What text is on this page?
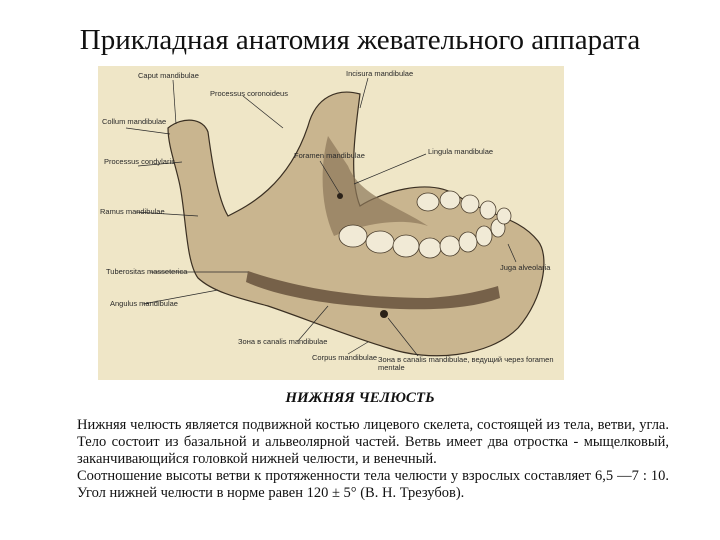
Прикладная анатомия жевательного аппарата
Caput mandibulae
Processus coronoideus
Incisura mandibulae
Collum mandibulae
Processus condylaris
Foramen mandibulae	Lingula mandibulae
Ramus mandibulae
Juga alveolaria
Tuberositas masseterica
Angulus mandibulae
Зона в canalis mandibulae
Corpus mandibulae Зона в canalis mandibulae, ведущий через foramen mentale
НИЖНЯЯ ЧЕЛЮСТЬ

Нижняя челюсть является подвижной костью лицевого скелета, состоящей из тела, ветви, угла. Тело состоит из базальной и альвеолярной частей. Ветвь имеет два отростка - мыщелковый, заканчивающийся головкой нижней челюсти, и венечный.

Соотношение высоты ветви к протяженности тела челюсти у взрослых составляет 6,5 —7 : 10. Угол нижней челюсти в норме равен 120 ± 5° (В. Н. Трезубов).
